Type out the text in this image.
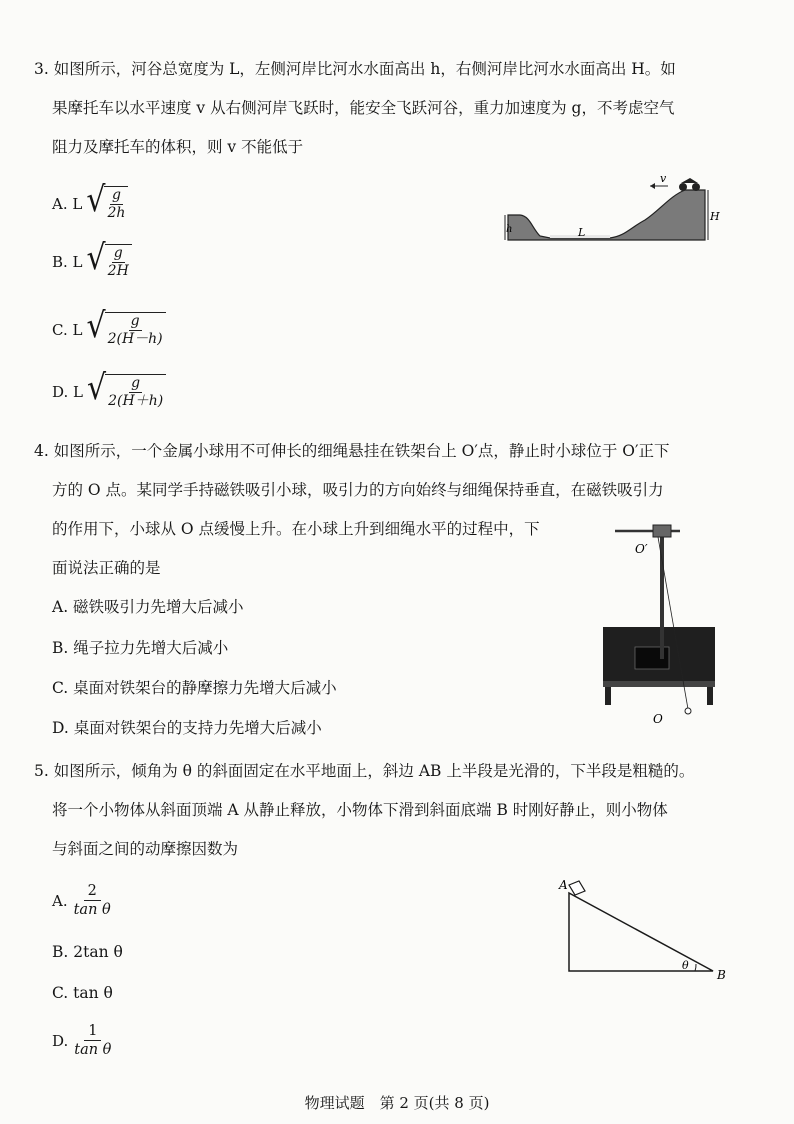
3. 如图所示，河谷总宽度为 L，左侧河岸比河水水面高出 h，右侧河岸比河水水面高出 H。如
果摩托车以水平速度 v 从右侧河岸飞跃时，能安全飞跃河谷，重力加速度为 g，不考虑空气
阻力及摩托车的体积，则 v 不能低于
A. L √ $\frac{g}{2h}$
B. L √ $\frac{g}{2H}$
C. L √ $\frac{g}{2(H-h)}$
D. L √ $\frac{g}{2(H+h)}$
v
H
h	L
4. 如图所示，一个金属小球用不可伸长的细绳悬挂在铁架台上 O′点，静止时小球位于 O′正下
方的 O 点。某同学手持磁铁吸引小球，吸引力的方向始终与细绳保持垂直，在磁铁吸引力
的作用下，小球从 O 点缓慢上升。在小球上升到细绳水平的过程中，下
面说法正确的是
A. 磁铁吸引力先增大后减小
B. 绳子拉力先增大后减小
C. 桌面对铁架台的静摩擦力先增大后减小
D. 桌面对铁架台的支持力先增大后减小
O′
O
5. 如图所示，倾角为 θ 的斜面固定在水平地面上，斜边 AB 上半段是光滑的，下半段是粗糙的。
将一个小物体从斜面顶端 A 从静止释放，小物体下滑到斜面底端 B 时刚好静止，则小物体
与斜面之间的动摩擦因数为
A. $\frac{2}{\text{tan θ}}$
B. 2tan θ
C. tan θ
D. $\frac{1}{\text{tan θ}}$
A
B
θ
物理试题　第 2 页(共 8 页)
